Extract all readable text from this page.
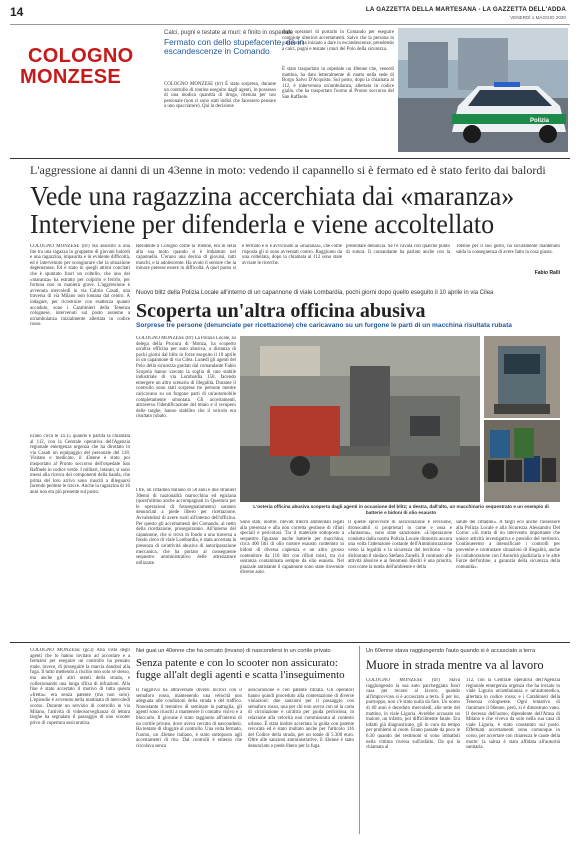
14	LA GAZZETTA DELLA MARTESANA - LA GAZZETTA DELL'ADDA
VENERDÌ 1 MAGGIO 2020
COLOGNO
MONZESE
Calci, pugni e testate ai muri: è finito in ospedale
Fermato con dello stupefacente, dà in escandescenze in Comando
COLOGNO MONZESE (trr) È stato sorpreso, durante un controllo di routine eseguito dagli agenti, in possesso di una modica quantità di droga, ritenuta per uso personale (non ci sono stati indizi che facessero pensare a uno spacciatore). Qui la decisione
degli operatori di portarlo in Comando per eseguire compiute ulteriori accertamenti. Salvo che la persona in questione ha iniziato a dare in escandescenze, prendendo a calci, pugni e testate i muri del Polo della sicurezza.
È stato trasportato in ospedale un 40enne che, venerdì mattina, ha dato letteralmente di matto nella sede di Borgo Salvo D'Acquisto. Sul posto, dopo la chiamata al 112, è intervenuta un'ambulanza, allertata in codice giallo, che ha trasportato l'uomo al Pronto soccorso del San Raffaele.
Polizia
L'aggressione ai danni di un 43enne in moto: vedendo il capannello si è fermato ed è stato ferito dai balordi
Vede una ragazzina accerchiata dai «maranza»
Interviene per difenderla e viene accoltellato
COLOGNO MONZESE (trr) Ha assistito a una lite tra una ragazza in gruppetto di giovani balordi e una ragazzina, impaurita e in evidente difficoltà, ed è intervenuto per scongiurare che la situazione degenerasse. Ed è stato in quegli attimi concitati che è spuntato fuori un coltello, che uno dei «maranza» ha estratto per colpirlo e ferirlo, per fortuna non in maniera grave. L'aggressione è avvenuta mercoledì in via Cabrio Casati, una traversa di via Milano non lontana dal centro. A indagare, per ricostruire con esattezza quanto accaduto, sono i Carabinieri della Tenenza colognese, intervenuti sul posto assieme a un'ambulanza inizialmente allertata in codice rosso.
Erano circa le 14.15 quando è partita la chiamata al 112, con la Centrale operativa dell'Agenzia regionale emergenza urgenza che ha dirottato in via Casati un equipaggio del personale del 118. Visitato e medicato, il 43enne è stato poi trasportato al Pronto soccorso dell'ospedale San Raffaele in codice verde. I militari, intanto, si sono messi alla ricerca dei componenti della banda, che prima del loro arrivo sono riusciti a dileguarsi facendo perdere le tracce. Anche la ragazzina di 16 anni non era più presente sul posto.
Residente a Cologno come la 16enne, era in sella alla sua moto quando si è imbattuto nel capannello. C'erano una decina di giovani, tutti maschi, e la adolescente. Ha avuto il sentore che la minore potesse essere in difficoltà. A quel punto si è fermato e si è avvicinato ai «maranza», che come risposta gli si sono avventati contro. Raggiunto da una coltellata, dopo la chiamata al 112 sono state avviate le ricerche.
presentare denuncia. Se l'è cavata con qualche punto di sutura. Il comandante ha parlato anche con la 16enne per il suo gesto, ha sicuramente mantenuto salda la conseguenza di avere fatto la cosa giusta.
Fabio Ralli
Nuovo blitz della Polizia Locale all'interno di un capannone di viale Lombardia, pochi giorni dopo quello eseguito il 10 aprile in via Cilea
Scoperta un'altra officina abusiva
Sorprese tre persone (denunciate per ricettazione) che caricavano su un furgone le parti di un macchina risultata rubata
COLOGNO MONZESE (trr) La Polizia Locale, su delega della Procura di Monza, ha scoperto un'altra officina per auto abusiva, a distanza di pochi giorni dal blitz in forze eseguito il 10 aprile in un capannone di via Cilea. Lunedì gli agenti del Polo della sicurezza guidati dal comandante Fabio Scopola hanno varcato la soglia di uno stabile industriale di via Lombardia 150, facendo emergere un altro scenario di illegalità. Durante il controllo sono stati sorprese tre persone mentre caricavano su un furgone parti di un'automobile completamente smontata. Gli accertamenti, attraverso l'identificazione del telaio e il recupero delle targhe, hanno stabilito che il veicolo era risultato rubato.
I tre, un cittadino italiano di 50 anni e due stranieri 30enni di nazionalità marocchina ed egiziana (quest'ultimo anche accompagnati in Questura per le operazioni di fotosegnalamento) saranno denunciati a piede libero per ricettazione. Avvalendosi di avere ruoli all'interno dell'officina. Per questo gli accertamenti del Comando, al netto della ricettazione, proseguiranno. All'interno del capannone, che si trova in fondo a una traversa a fondo cieco di viale Lombardia, è stata accertata la presenza di un'attività abusiva di autoriparazione meccanica, che ha portato al conseguente sequestro amministrativo delle attrezzature utilizzate.
L'osteria officina abusiva scoperta dagli agenti in occasione del blitz; a destra, dall'alto, un macchinario sequestrato e un esempio di batterie e bidoni di olio esausto
Sono stati, inoltre, rilevati illeciti ambientali legati alla presenza e alla non corretta gestione di rifiuti speciali e pericolosi. Tra il materiale sottoposto a sequestro figurano anche batterie per macchina, circa 400 litri di olio motore esausto contenuto in bidoni di diversa capienza e un altro grosso contenitore da 110 litri con rifiuti misti, tra cui sostanza contaminata sempre da olio esausto. Nel piazzale antistante il capannone sono state rinvenute diverse auto.
Il quelle sprovviste di assicurazione e revisione, dronocabili si proprietari in carne e ossa e «fantasma», sono state sanzionate. «L'operazione condotta dalla nostra Polizia Locale dimostra ancora una volta l'attenzione costante dell'Amministrazione verso la legalità e la sicurezza del territorio – ha dichiarato il sindaco Stefano Zanelli. Il contrasto alle attività abusive e ai fenomeni illeciti è una priorità, così come la tutela dell'ambiente e della
salute dei cittadini». A fargli eco anche l'assessore alla Polizia Locale e alla Sicurezza Alessandro Del Corno: «Si tratta di un intervento importante che unisce attività investigativa e presidio del territorio. Continueremo a intensificare i controlli per prevenire e contrastare situazioni di illegalità, anche in collaborazione con l'Autorità giudiziaria e le altre Forze dell'ordine, a garanzia della sicurezza della comunità».
COLOGNO MONZESE (gc3) Alla vista degli agenti che lo hanno invitato ad accostare e a fermarsi per eseguire un controllo ha pensato male, invece, di proseguire la marcia dandosi alla fuga. Il tutto mettendo a rischio non solo sé stesso, ma anche gli altri utenti della strada, e collezionando una lunga sfilza di infrazioni. Alla fine è stato accertato il motivo di tutta questa «fretta»: era senza patente (ma non solo). L'episodio è avvenuto nella mattinata di mercoledì scorso. Durante un servizio di controllo in via Milano, l'attività di videosorveglianza di lettura targhe ha segnalato il passaggio di uno scooter privo di copertura assicurativa.
Nei guai un 40enne che ha cercato (invano) di nascondersi in un cortile privato
Senza patente e con lo scooter non assicurato: fugge all'alt degli agenti e scatta l'inseguimento
Il fuggitivo ha attraversato diversi incroci con il semaforo rosso, mantenendo una velocità non adeguata alle condizioni della strada e del traffico. Nonostante il tentativo di seminare la pattuglia, gli agenti sono riusciti a mantenere il contatto visivo e a bloccarlo. Il giovane è stato raggiunto all'interno di un cortile privato, dove aveva cercato di nascondersi. Ha tentato di sfuggire al controllo. Una volta fermato, l'uomo, un 43enne italiano, è stato sottoposto agli accertamenti di rito. Dai controlli è emerso che circolava senza
assicurazione e con patente ritirata. Gli operatori hanno quindi proceduto alla contestazione di diverse violazioni: due sanzioni per il passaggio con semaforo rosso, una per chi non aveva con sé la carta di circolazione e un'altra per guida pericolosa, in relazione alla velocità non commisurata al contesto urbano. È stata inoltre accertata la guida con patente revocata ed è stato multato anche per l'articolo 116 del Codice della strada, per un totale di 5.300 euro. Oltre alle sanzioni amministrative, il 43enne è stato denunciato a piede libero per la fuga.
Un 60enne stava raggiungendo l'auto quando si è accasciato a terra
Muore in strada mentre va al lavoro
COLOGNO MONZESE (trr) Stava raggiungendo la sua auto parcheggiata fuori casa per recarsi al lavoro, quando all'improvviso si è accasciato a terra. È per lui, purtroppo, non c'è stato nulla da fare. Un uomo di 60 anni è deceduto mercoledì, alle sette del mattino, in viale Liguria. Avrebbe accusato un malore, un infarto, poi difficilmente fatale. Era infatti già diagnosticato, gli in cura da tempo per problemi al cuore. Erano passate da poco le 6.30 quando dei testimoni si sono imbattuti nella vittima riversa sull'asfalto. Da qui la chiamata al
112, con la Centrale operativa dell'Agenzia regionale emergenza urgenza che ha inviato in viale Liguria un'ambulanza e un'automedica, allertata in codice rosso; e i Carabinieri della Tenenza cologneese. Ogni tentativo di rianimare il 60enne, però, si è dimostrato vano. Il decesso dell'uomo, dipendente dell'Amsa di Milano e che viveva da solo nella sua casa di viale Liguria, è stato constatato sul posto. Effettuati accertamenti sono comunque in corso, per accertare con chiarezza le cause della morte: la salma è stata affidata all'autorità sanitaria.
